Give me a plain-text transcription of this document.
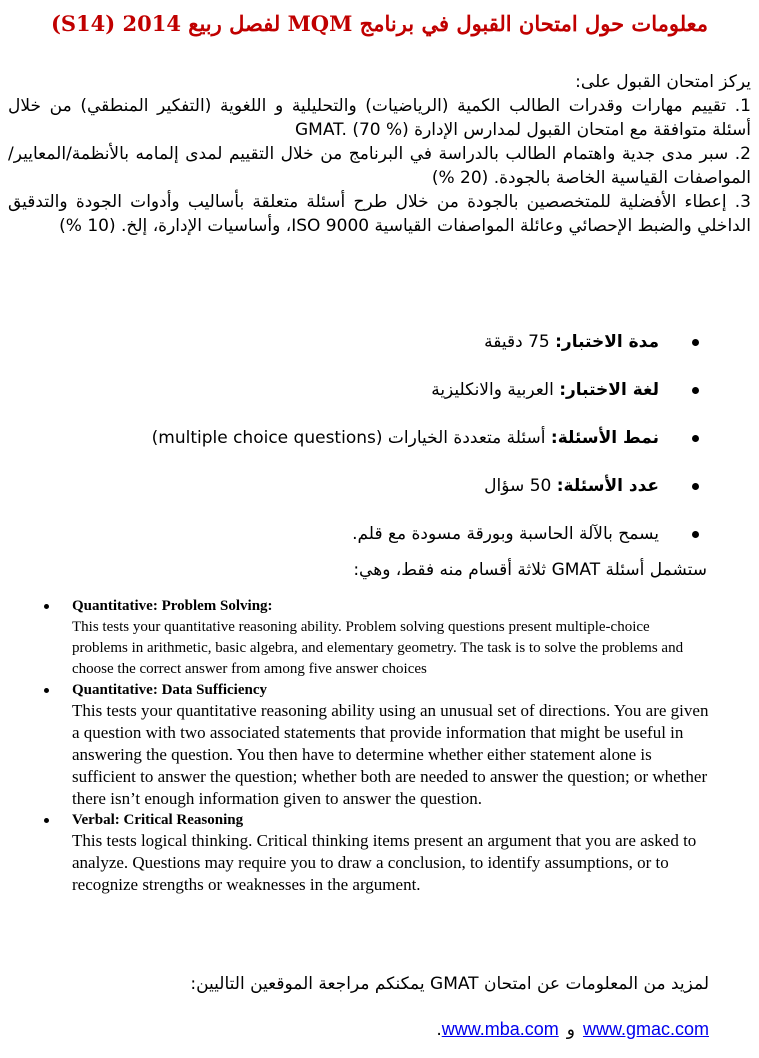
معلومات حول امتحان القبول في برنامج MQM لفصل ربيع 2014 (S14)

يركز امتحان القبول على:

1. تقييم مهارات وقدرات الطالب الكمية (الرياضيات) والتحليلية و اللغوية (التفكير المنطقي) من خلال أسئلة متوافقة مع امتحان القبول لمدارس الإدارة GMAT. (70 %)

2. سبر مدى جدية واهتمام الطالب بالدراسة في البرنامج من خلال التقييم لمدى إلمامه بالأنظمة/المعايير/المواصفات القياسية الخاصة بالجودة. (20 %)

3. إعطاء الأفضلية للمتخصصين بالجودة من خلال طرح أسئلة متعلقة بأساليب وأدوات الجودة والتدقيق الداخلي والضبط الإحصائي وعائلة المواصفات القياسية ISO 9000، وأساسيات الإدارة، إلخ. (10 %)

مدة الاختبار: 75 دقيقة
لغة الاختبار: العربية والانكليزية
نمط الأسئلة: أسئلة متعددة الخيارات (multiple choice questions)
عدد الأسئلة: 50 سؤال
يسمح بالآلة الحاسبة وبورقة مسودة مع قلم.
ستشمل أسئلة GMAT ثلاثة أقسام منه فقط، وهي:
Quantitative: Problem Solving:
This tests your quantitative reasoning ability. Problem solving questions present multiple-choice problems in arithmetic, basic algebra, and elementary geometry. The task is to solve the problems and choose the correct answer from among five answer choices
Quantitative: Data Sufficiency
This tests your quantitative reasoning ability using an unusual set of directions. You are given a question with two associated statements that provide information that might be useful in answering the question. You then have to determine whether either statement alone is sufficient to answer the question; whether both are needed to answer the question; or whether there isn’t enough information given to answer the question.
Verbal: Critical Reasoning
This tests logical thinking. Critical thinking items present an argument that you are asked to analyze. Questions may require you to draw a conclusion, to identify assumptions, or to recognize strengths or weaknesses in the argument.
لمزيد من المعلومات عن امتحان GMAT يمكنكم مراجعة الموقعين التاليين:
www.gmac.comوwww.mba.com.
